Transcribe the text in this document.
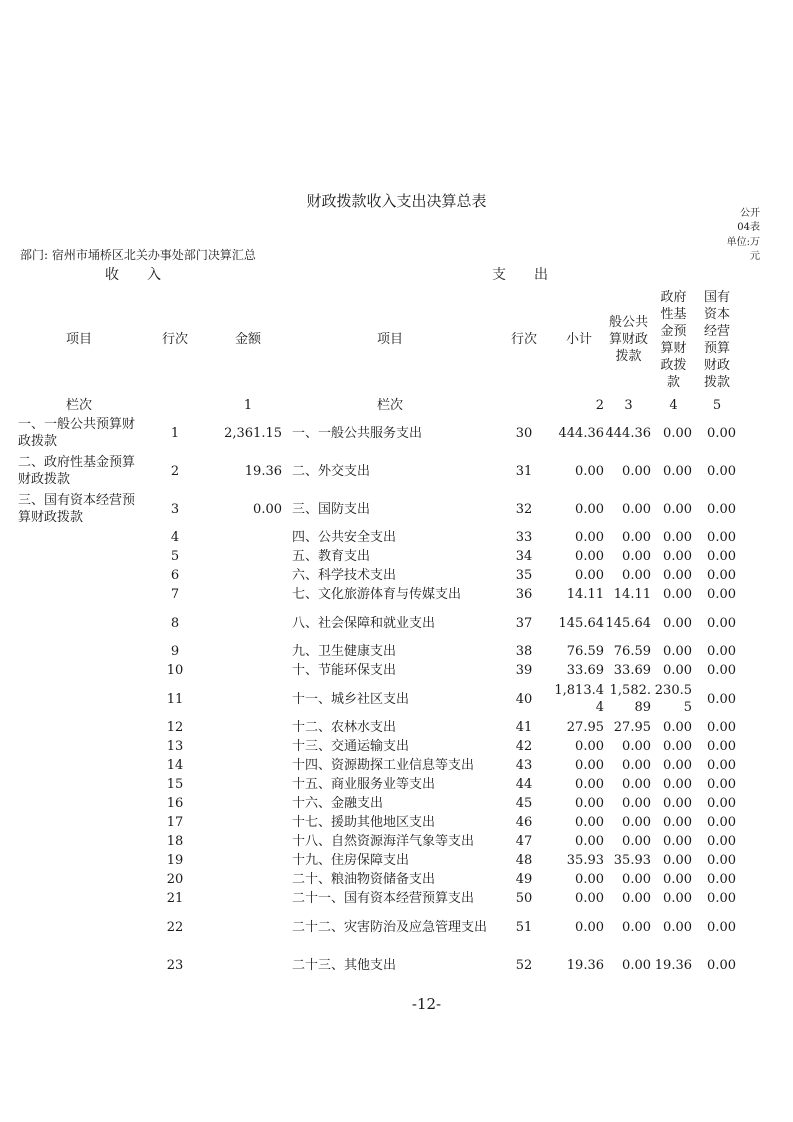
财政拨款收入支出决算总表
公开04表
单位:万元
部门: 宿州市埇桥区北关办事处部门决算汇总
收　　入	支　　出
项目	行次	金额	项目	行次	小计	般公共算财政拨款	政府性基金预算财政拨款	国有资本经营预算财政拨款
栏次		1	栏次		2	3	4	5
一、一般公共预算财政拨款	1	2,361.15	一、一般公共服务支出	30	444.36	444.36	0.00	0.00
二、政府性基金预算财政拨款	2	19.36	二、外交支出	31	0.00	0.00	0.00	0.00
三、国有资本经营预算财政拨款	3	0.00	三、国防支出	32	0.00	0.00	0.00	0.00
	4		四、公共安全支出	33	0.00	0.00	0.00	0.00
	5		五、教育支出	34	0.00	0.00	0.00	0.00
	6		六、科学技术支出	35	0.00	0.00	0.00	0.00
	7		七、文化旅游体育与传媒支出	36	14.11	14.11	0.00	0.00
	8		八、社会保障和就业支出	37	145.64	145.64	0.00	0.00
	9		九、卫生健康支出	38	76.59	76.59	0.00	0.00
	10		十、节能环保支出	39	33.69	33.69	0.00	0.00
	11		十一、城乡社区支出	40	1,813.44	1,582.89	230.55	0.00
	12		十二、农林水支出	41	27.95	27.95	0.00	0.00
	13		十三、交通运输支出	42	0.00	0.00	0.00	0.00
	14		十四、资源勘探工业信息等支出	43	0.00	0.00	0.00	0.00
	15		十五、商业服务业等支出	44	0.00	0.00	0.00	0.00
	16		十六、金融支出	45	0.00	0.00	0.00	0.00
	17		十七、援助其他地区支出	46	0.00	0.00	0.00	0.00
	18		十八、自然资源海洋气象等支出	47	0.00	0.00	0.00	0.00
	19		十九、住房保障支出	48	35.93	35.93	0.00	0.00
	20		二十、粮油物资储备支出	49	0.00	0.00	0.00	0.00
	21		二十一、国有资本经营预算支出	50	0.00	0.00	0.00	0.00
	22		二十二、灾害防治及应急管理支出	51	0.00	0.00	0.00	0.00
	23		二十三、其他支出	52	19.36	0.00	19.36	0.00
-12-
